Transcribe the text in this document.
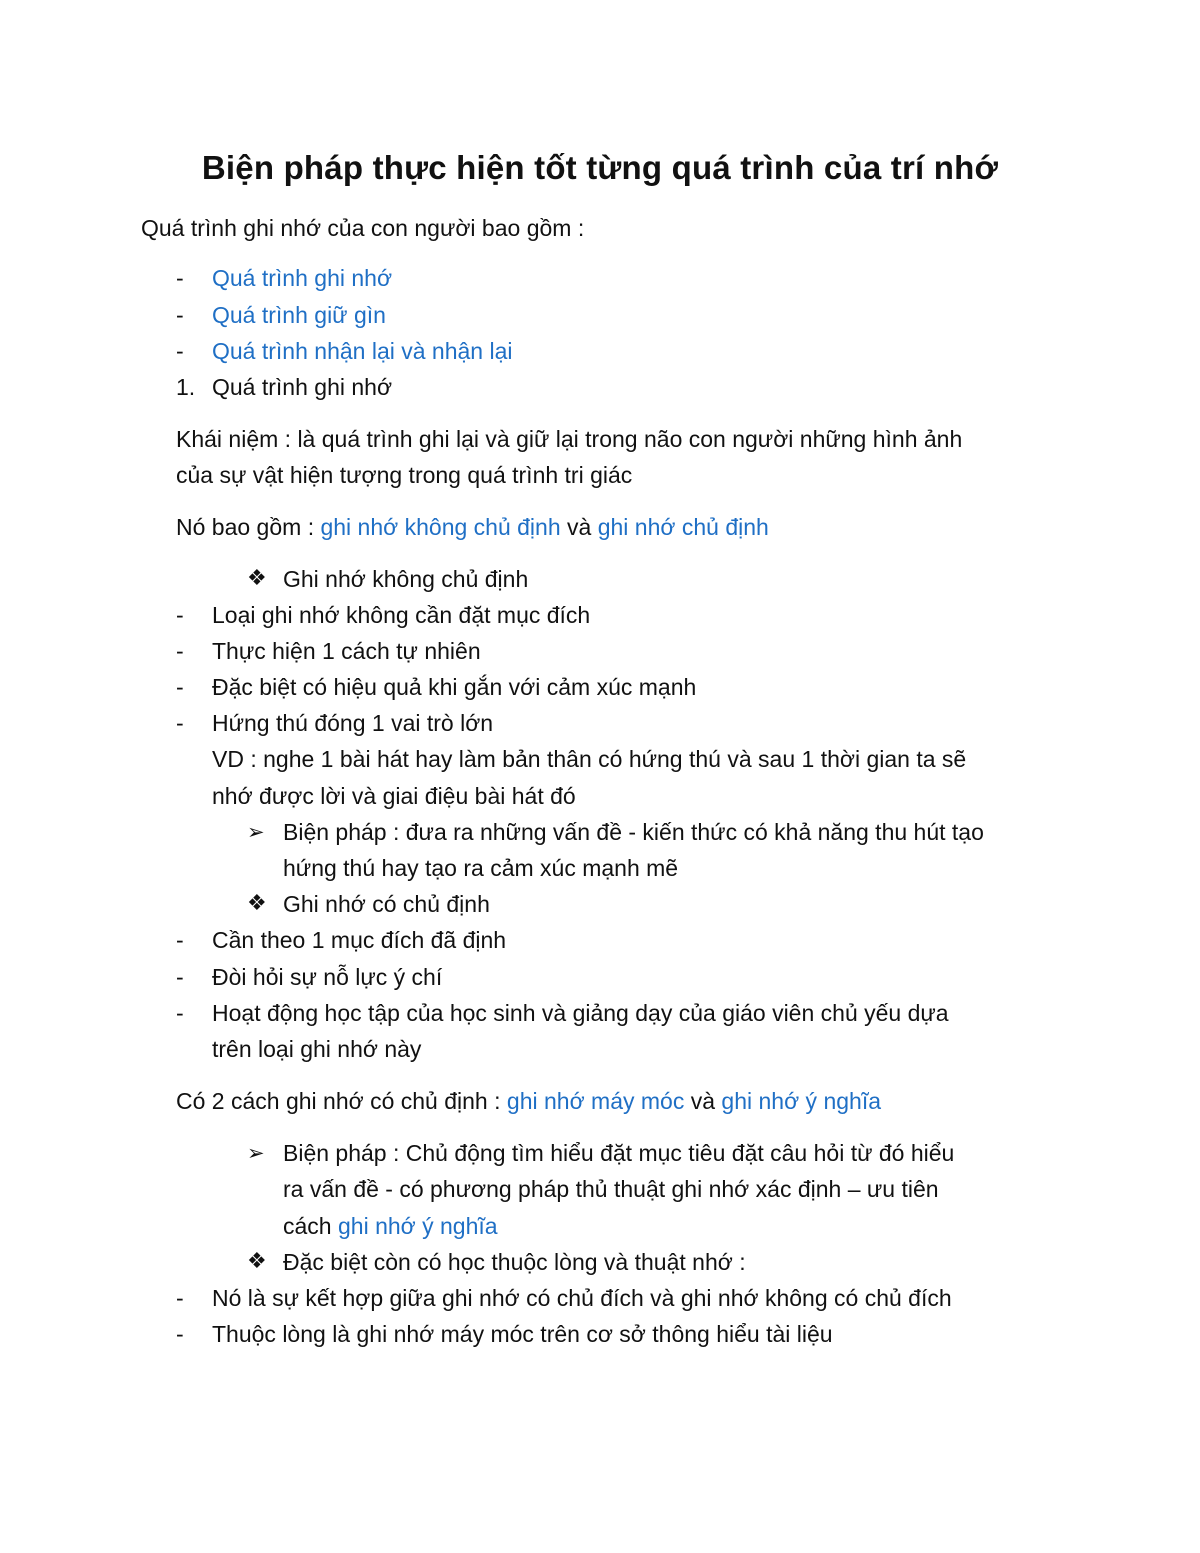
Biện pháp thực hiện tốt từng quá trình của trí nhớ
Quá trình ghi nhớ của con người bao gồm :
- Quá trình ghi nhớ
- Quá trình giữ gìn
- Quá trình nhận lại và nhận lại
1. Quá trình ghi nhớ
Khái niệm : là quá trình ghi lại và giữ lại trong não con người những hình ảnh
của sự vật hiện tượng trong quá trình tri giác
Nó bao gồm : ghi nhớ không chủ định và ghi nhớ chủ định
❖ Ghi nhớ không chủ định
- Loại ghi nhớ không cần đặt mục đích
- Thực hiện 1 cách tự nhiên
- Đặc biệt có hiệu quả khi gắn với cảm xúc mạnh
- Hứng thú đóng 1 vai trò lớn
VD : nghe 1 bài hát hay làm bản thân có hứng thú và sau 1 thời gian ta sẽ
nhớ được lời và giai điệu bài hát đó
➢ Biện pháp : đưa ra những vấn đề - kiến thức có khả năng thu hút tạo
hứng thú hay tạo ra cảm xúc mạnh mẽ
❖ Ghi nhớ có chủ định
- Cần theo 1 mục đích đã định
- Đòi hỏi sự nỗ lực ý chí
- Hoạt động học tập của học sinh và giảng dạy của giáo viên chủ yếu dựa
trên loại ghi nhớ này
Có 2 cách ghi nhớ có chủ định : ghi nhớ máy móc và ghi nhớ ý nghĩa
➢ Biện pháp : Chủ động tìm hiểu đặt mục tiêu đặt câu hỏi từ đó hiểu
ra vấn đề - có phương pháp thủ thuật ghi nhớ xác định – ưu tiên
cách ghi nhớ ý nghĩa
❖ Đặc biệt còn có học thuộc lòng và thuật nhớ :
- Nó là sự kết hợp giữa ghi nhớ có chủ đích và ghi nhớ không có chủ đích
- Thuộc lòng là ghi nhớ máy móc trên cơ sở thông hiểu tài liệu
